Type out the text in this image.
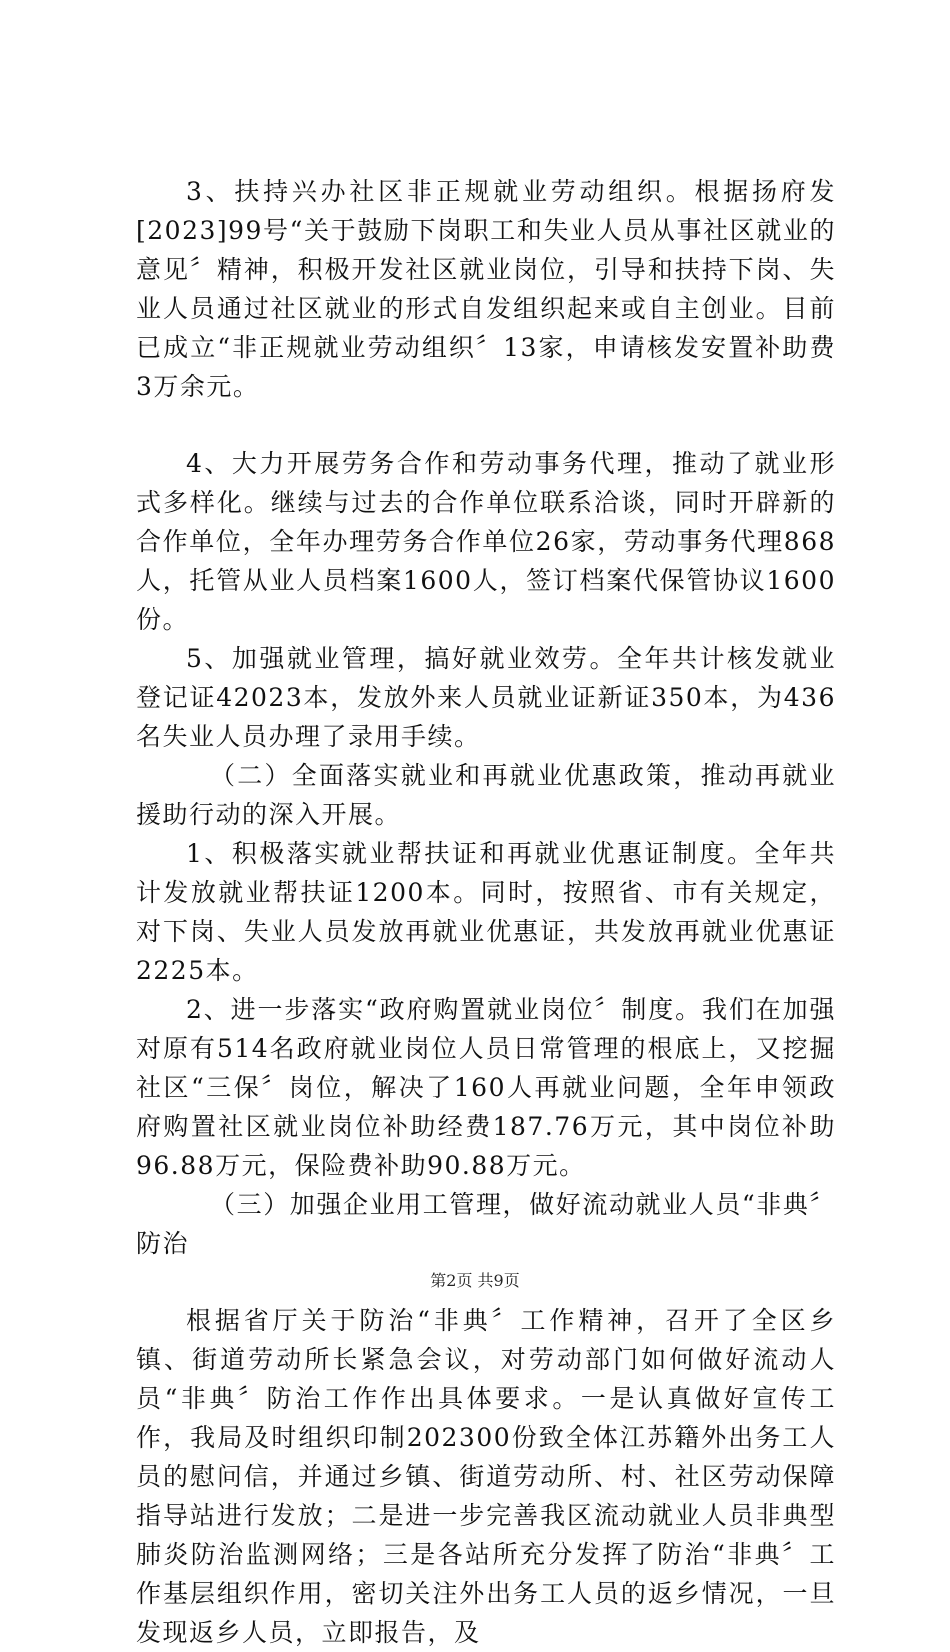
3、扶持兴办社区非正规就业劳动组织。根据扬府发[2023]99号“关于鼓励下岗职工和失业人员从事社区就业的意见〞精神，积极开发社区就业岗位，引导和扶持下岗、失业人员通过社区就业的形式自发组织起来或自主创业。目前已成立“非正规就业劳动组织〞13家，申请核发安置补助费3万余元。

4、大力开展劳务合作和劳动事务代理，推动了就业形式多样化。继续与过去的合作单位联系洽谈，同时开辟新的合作单位，全年办理劳务合作单位26家，劳动事务代理868人，托管从业人员档案1600人，签订档案代保管协议1600份。

5、加强就业管理，搞好就业效劳。全年共计核发就业登记证42023本，发放外来人员就业证新证350本，为436名失业人员办理了录用手续。

（二）全面落实就业和再就业优惠政策，推动再就业援助行动的深入开展。

1、积极落实就业帮扶证和再就业优惠证制度。全年共计发放就业帮扶证1200本。同时，按照省、市有关规定，对下岗、失业人员发放再就业优惠证，共发放再就业优惠证2225本。

2、进一步落实“政府购置就业岗位〞制度。我们在加强对原有514名政府就业岗位人员日常管理的根底上，又挖掘社区“三保〞岗位，解决了160人再就业问题，全年申领政府购置社区就业岗位补助经费187.76万元，其中岗位补助96.88万元，保险费补助90.88万元。

（三）加强企业用工管理，做好流动就业人员“非典〞防治

根据省厅关于防治“非典〞工作精神，召开了全区乡镇、街道劳动所长紧急会议，对劳动部门如何做好流动人员“非典〞防治工作作出具体要求。一是认真做好宣传工作，我局及时组织印制202300份致全体江苏籍外出务工人员的慰问信，并通过乡镇、街道劳动所、村、社区劳动保障指导站进行发放；二是进一步完善我区流动就业人员非典型肺炎防治监测网络；三是各站所充分发挥了防治“非典〞工作基层组织作用，密切关注外出务工人员的返乡情况，一旦发现返乡人员，立即报告，及

第2页 共9页
